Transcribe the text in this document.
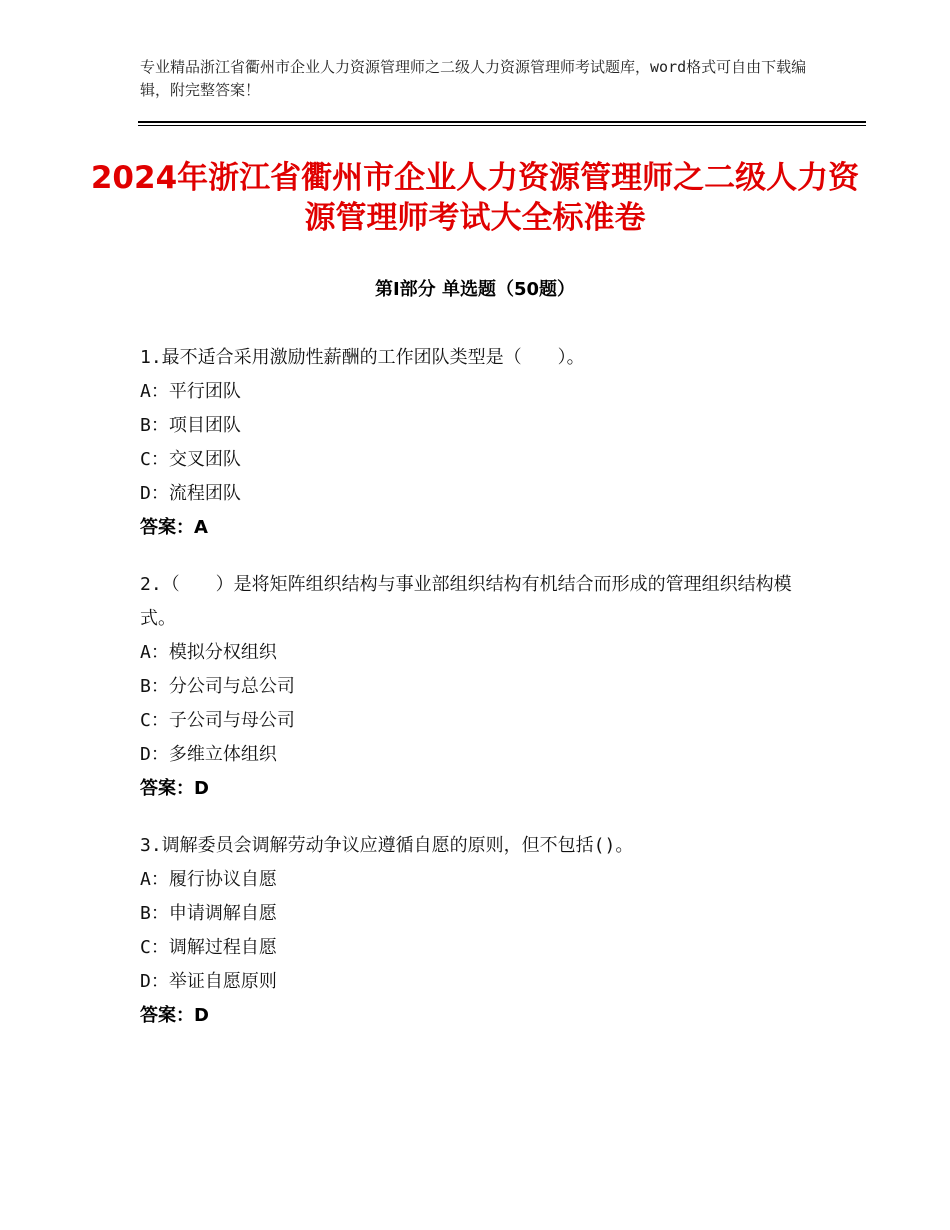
专业精品浙江省衢州市企业人力资源管理师之二级人力资源管理师考试题库，word格式可自由下载编辑，附完整答案！
2024年浙江省衢州市企业人力资源管理师之二级人力资源管理师考试大全标准卷
第Ⅰ部分 单选题（50题）
1.最不适合采用激励性薪酬的工作团队类型是（　　）。
A：平行团队
B：项目团队
C：交叉团队
D：流程团队
答案：A
2.（　　）是将矩阵组织结构与事业部组织结构有机结合而形成的管理组织结构模式。
A：模拟分权组织
B：分公司与总公司
C：子公司与母公司
D：多维立体组织
答案：D
3.调解委员会调解劳动争议应遵循自愿的原则，但不包括()。
A：履行协议自愿
B：申请调解自愿
C：调解过程自愿
D：举证自愿原则
答案：D
